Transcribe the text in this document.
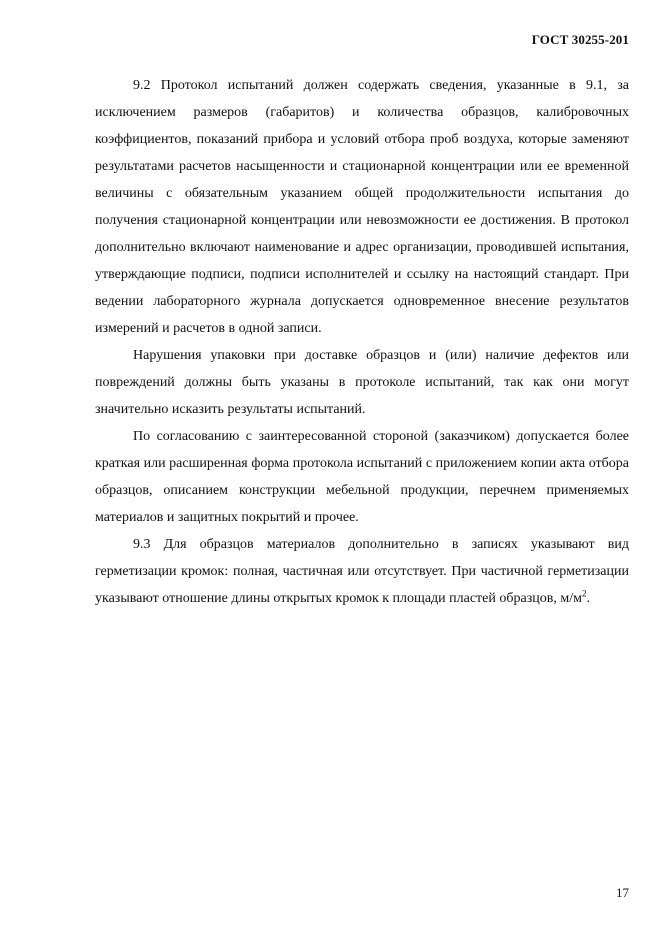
ГОСТ 30255-201

9.2 Протокол испытаний должен содержать сведения, указанные в 9.1, за исключением размеров (габаритов) и количества образцов, калибровочных коэффициентов, показаний прибора и условий отбора проб воздуха, которые заменяют результатами расчетов насыщенности и стационарной концентрации или ее временной величины с обязательным указанием общей продолжительности испытания до получения стационарной концентрации или невозможности ее достижения. В протокол дополнительно включают наименование и адрес организации, проводившей испытания, утверждающие подписи, подписи исполнителей и ссылку на настоящий стандарт. При ведении лабораторного журнала допускается одновременное внесение результатов измерений и расчетов в одной записи.

Нарушения упаковки при доставке образцов и (или) наличие дефектов или повреждений должны быть указаны в протоколе испытаний, так как они могут значительно исказить результаты испытаний.

По согласованию с заинтересованной стороной (заказчиком) допускается более краткая или расширенная форма протокола испытаний с приложением копии акта отбора образцов, описанием конструкции мебельной продукции, перечнем применяемых материалов и защитных покрытий и прочее.

9.3 Для образцов материалов дополнительно в записях указывают вид герметизации кромок: полная, частичная или отсутствует. При частичной герметизации указывают отношение длины открытых кромок к площади пластей образцов, $м/м^2$.

17
